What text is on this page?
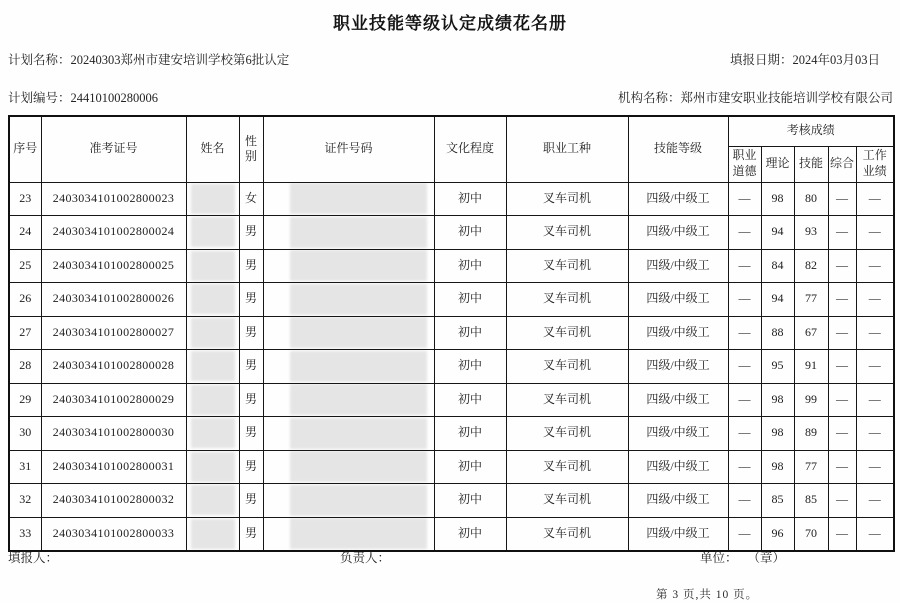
职业技能等级认定成绩花名册
计划名称：20240303郑州市建安培训学校第6批认定	填报日期：2024年03月03日
计划编号：24410100280006	机构名称：郑州市建安职业技能培训学校有限公司
序号	准考证号	姓名	性别	证件号码	文化程度	职业工种	技能等级	考核成绩				
								职业道德	理论	技能	综合	工作业绩
23	2403034101002800023		女		初中	叉车司机	四级/中级工	—	98	80	—	—
24	2403034101002800024		男		初中	叉车司机	四级/中级工	—	94	93	—	—
25	2403034101002800025		男		初中	叉车司机	四级/中级工	—	84	82	—	—
26	2403034101002800026		男		初中	叉车司机	四级/中级工	—	94	77	—	—
27	2403034101002800027		男		初中	叉车司机	四级/中级工	—	88	67	—	—
28	2403034101002800028		男		初中	叉车司机	四级/中级工	—	95	91	—	—
29	2403034101002800029		男		初中	叉车司机	四级/中级工	—	98	99	—	—
30	2403034101002800030		男		初中	叉车司机	四级/中级工	—	98	89	—	—
31	2403034101002800031		男		初中	叉车司机	四级/中级工	—	98	77	—	—
32	2403034101002800032		男		初中	叉车司机	四级/中级工	—	85	85	—	—
33	2403034101002800033		男		初中	叉车司机	四级/中级工	—	96	70	—	—
填报人：	负责人：	单位： （章）
第 3 页,共 10 页。
